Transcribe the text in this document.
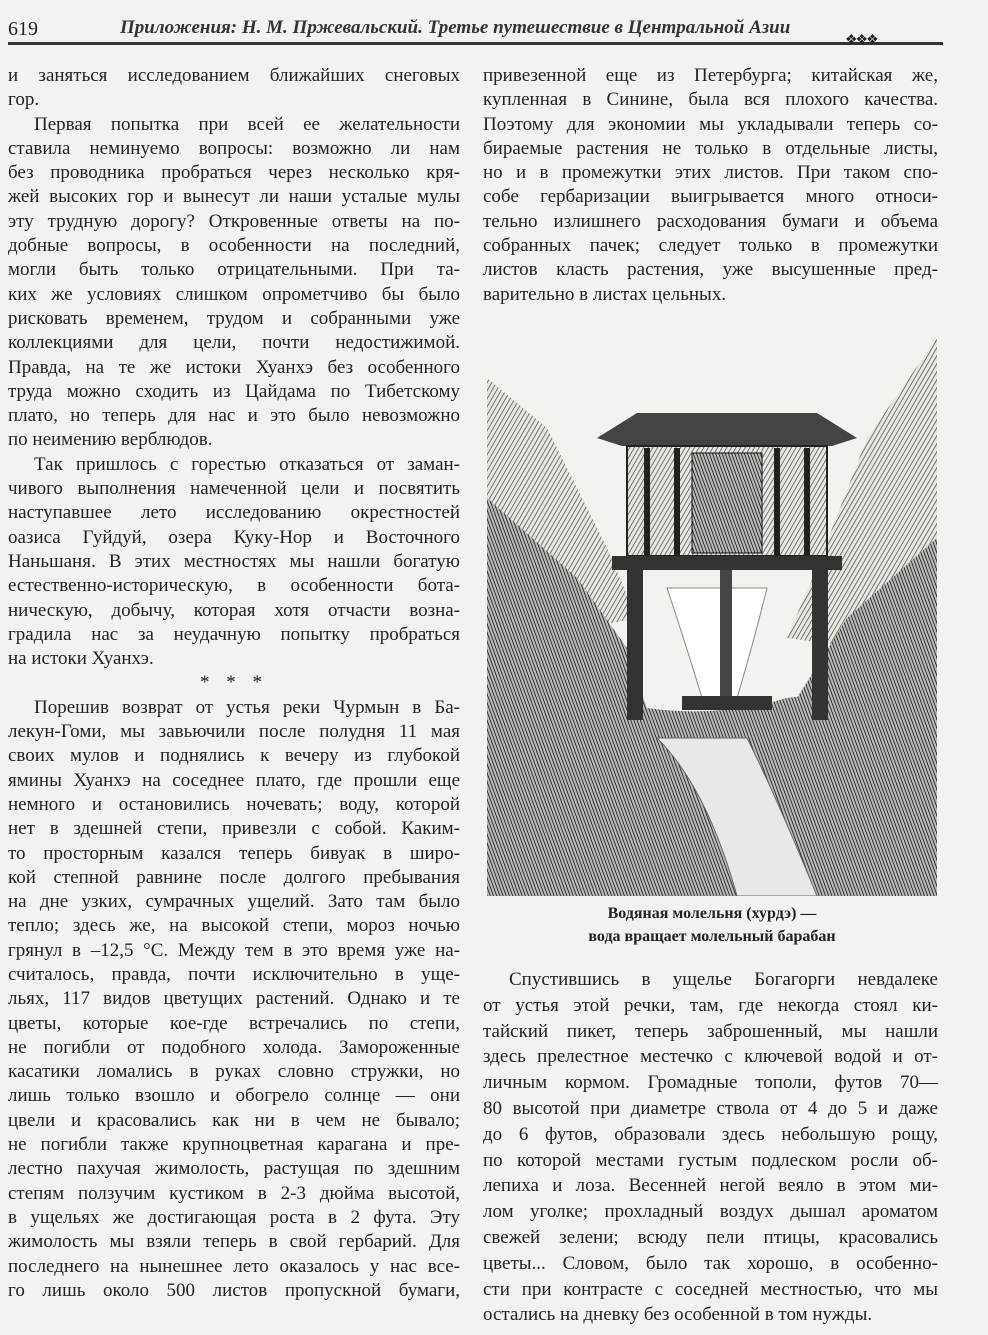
619	Приложения: Н. М. Пржевальский. Третье путешествие в Центральной Азии
❖❖❖
и заняться исследованием ближайших снеговых
гор.
Первая попытка при всей ее желательности
ставила неминуемо вопросы: возможно ли нам
без проводника пробраться через несколько кря-
жей высоких гор и вынесут ли наши усталые мулы
эту трудную дорогу? Откровенные ответы на по-
добные вопросы, в особенности на последний,
могли быть только отрицательными. При та-
ких же условиях слишком опрометчиво бы было
рисковать временем, трудом и собранными уже
коллекциями для цели, почти недостижимой.
Правда, на те же истоки Хуанхэ без особенного
труда можно сходить из Цайдама по Тибетскому
плато, но теперь для нас и это было невозможно
по неимению верблюдов.
Так пришлось с горестью отказаться от заман-
чивого выполнения намеченной цели и посвятить
наступавшее лето исследованию окрестностей
оазиса Гуйдуй, озера Куку-Нор и Восточного
Наньшаня. В этих местностях мы нашли богатую
естественно-историческую, в особенности бота-
ническую, добычу, которая хотя отчасти возна-
градила нас за неудачную попытку пробраться
на истоки Хуанхэ.
* * *
Порешив возврат от устья реки Чурмын в Ба-
лекун-Гоми, мы завьючили после полудня 11 мая
своих мулов и поднялись к вечеру из глубокой
ямины Хуанхэ на соседнее плато, где прошли еще
немного и остановились ночевать; воду, которой
нет в здешней степи, привезли с собой. Каким-
то просторным казался теперь бивуак в широ-
кой степной равнине после долгого пребывания
на дне узких, сумрачных ущелий. Зато там было
тепло; здесь же, на высокой степи, мороз ночью
грянул в –12,5 °С. Между тем в это время уже на-
считалось, правда, почти исключительно в уще-
льях, 117 видов цветущих растений. Однако и те
цветы, которые кое-где встречались по степи,
не погибли от подобного холода. Замороженные
касатики ломались в руках словно стружки, но
лишь только взошло и обогрело солнце — они
цвели и красовались как ни в чем не бывало;
не погибли также крупноцветная карагана и пре-
лестно пахучая жимолость, растущая по здешним
степям ползучим кустиком в 2-3 дюйма высотой,
в ущельях же достигающая роста в 2 фута. Эту
жимолость мы взяли теперь в свой гербарий. Для
последнего на нынешнее лето оказалось у нас все-
го лишь около 500 листов пропускной бумаги,
привезенной еще из Петербурга; китайская же,
купленная в Синине, была вся плохого качества.
Поэтому для экономии мы укладывали теперь со-
бираемые растения не только в отдельные листы,
но и в промежутки этих листов. При таком спо-
собе гербаризации выигрывается много относи-
тельно излишнего расходования бумаги и объема
собранных пачек; следует только в промежутки
листов класть растения, уже высушенные пред-
варительно в листах цельных.
Водяная молельня (хурдэ) —
вода вращает молельный барабан
Спустившись в ущелье Богагорги невдалеке
от устья этой речки, там, где некогда стоял ки-
тайский пикет, теперь заброшенный, мы нашли
здесь прелестное местечко с ключевой водой и от-
личным кормом. Громадные тополи, футов 70—
80 высотой при диаметре ствола от 4 до 5 и даже
до 6 футов, образовали здесь небольшую рощу,
по которой местами густым подлеском росли об-
лепиха и лоза. Весенней негой веяло в этом ми-
лом уголке; прохладный воздух дышал ароматом
свежей зелени; всюду пели птицы, красовались
цветы... Словом, было так хорошо, в особенно-
сти при контрасте с соседней местностью, что мы
остались на дневку без особенной в том нужды.
